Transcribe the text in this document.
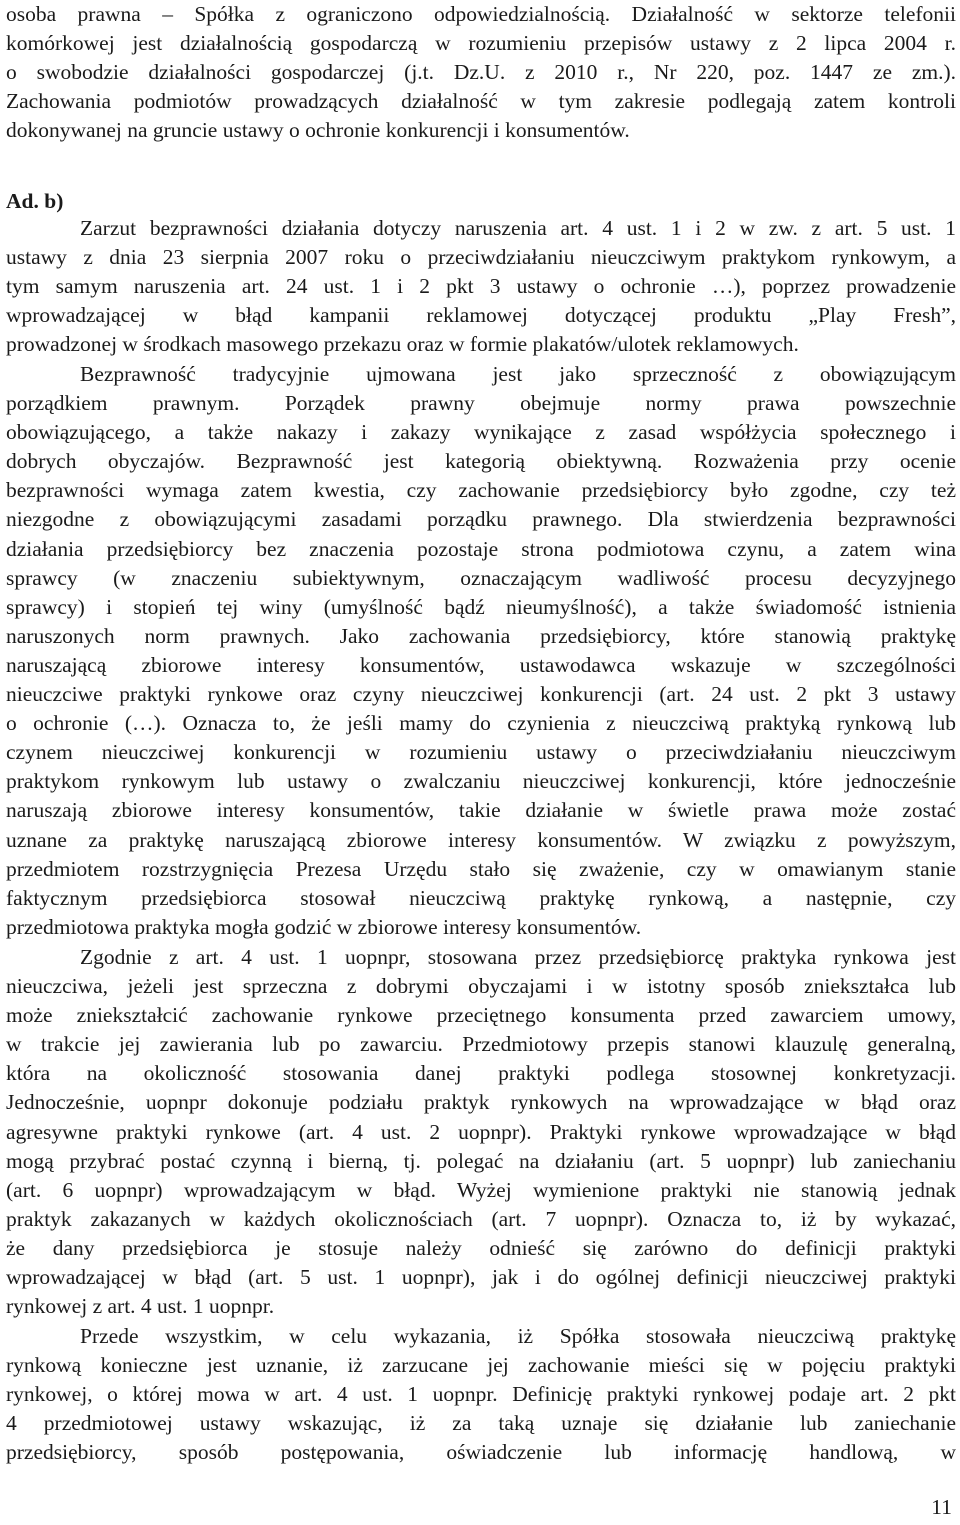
osoba prawna – Spółka z ograniczono odpowiedzialnością. Działalność w sektorze telefonii
komórkowej jest działalnością gospodarczą w rozumieniu przepisów ustawy z 2 lipca 2004 r.
o swobodzie działalności gospodarczej (j.t. Dz.U. z 2010 r., Nr 220, poz. 1447 ze zm.).
Zachowania podmiotów prowadzących działalność w tym zakresie podlegają zatem kontroli
dokonywanej na gruncie ustawy o ochronie konkurencji i konsumentów.
Ad. b)
Zarzut bezprawności działania dotyczy naruszenia art. 4 ust. 1 i 2 w zw. z art. 5 ust. 1
ustawy z dnia 23 sierpnia 2007 roku o przeciwdziałaniu nieuczciwym praktykom rynkowym, a
tym samym naruszenia art. 24 ust. 1 i 2 pkt 3 ustawy o ochronie …), poprzez prowadzenie
wprowadzającej w błąd kampanii reklamowej dotyczącej produktu „Play Fresh”,
prowadzonej w środkach masowego przekazu oraz w formie plakatów/ulotek reklamowych.
Bezprawność tradycyjnie ujmowana jest jako sprzeczność z obowiązującym
porządkiem prawnym. Porządek prawny obejmuje normy prawa powszechnie
obowiązującego, a także nakazy i zakazy wynikające z zasad współżycia społecznego i
dobrych obyczajów. Bezprawność jest kategorią obiektywną. Rozważenia przy ocenie
bezprawności wymaga zatem kwestia, czy zachowanie przedsiębiorcy było zgodne, czy też
niezgodne z obowiązującymi zasadami porządku prawnego. Dla stwierdzenia bezprawności
działania przedsiębiorcy bez znaczenia pozostaje strona podmiotowa czynu, a zatem wina
sprawcy (w znaczeniu subiektywnym, oznaczającym wadliwość procesu decyzyjnego
sprawcy) i stopień tej winy (umyślność bądź nieumyślność), a także świadomość istnienia
naruszonych norm prawnych. Jako zachowania przedsiębiorcy, które stanowią praktykę
naruszającą zbiorowe interesy konsumentów, ustawodawca wskazuje w szczególności
nieuczciwe praktyki rynkowe oraz czyny nieuczciwej konkurencji (art. 24 ust. 2 pkt 3 ustawy
o ochronie (…). Oznacza to, że jeśli mamy do czynienia z nieuczciwą praktyką rynkową lub
czynem nieuczciwej konkurencji w rozumieniu ustawy o przeciwdziałaniu nieuczciwym
praktykom rynkowym lub ustawy o zwalczaniu nieuczciwej konkurencji, które jednocześnie
naruszają zbiorowe interesy konsumentów, takie działanie w świetle prawa może zostać
uznane za praktykę naruszającą zbiorowe interesy konsumentów. W związku z powyższym,
przedmiotem rozstrzygnięcia Prezesa Urzędu stało się zważenie, czy w omawianym stanie
faktycznym przedsiębiorca stosował nieuczciwą praktykę rynkową, a następnie, czy
przedmiotowa praktyka mogła godzić w zbiorowe interesy konsumentów.
Zgodnie z art. 4 ust. 1 uopnpr, stosowana przez przedsiębiorcę praktyka rynkowa jest
nieuczciwa, jeżeli jest sprzeczna z dobrymi obyczajami i w istotny sposób zniekształca lub
może zniekształcić zachowanie rynkowe przeciętnego konsumenta przed zawarciem umowy,
w trakcie jej zawierania lub po zawarciu. Przedmiotowy przepis stanowi klauzulę generalną,
która na okoliczność stosowania danej praktyki podlega stosownej konkretyzacji.
Jednocześnie, uopnpr dokonuje podziału praktyk rynkowych na wprowadzające w błąd oraz
agresywne praktyki rynkowe (art. 4 ust. 2 uopnpr). Praktyki rynkowe wprowadzające w błąd
mogą przybrać postać czynną i bierną, tj. polegać na działaniu (art. 5 uopnpr) lub zaniechaniu
(art. 6 uopnpr) wprowadzającym w błąd. Wyżej wymienione praktyki nie stanowią jednak
praktyk zakazanych w każdych okolicznościach (art. 7 uopnpr). Oznacza to, iż by wykazać,
że dany przedsiębiorca je stosuje należy odnieść się zarówno do definicji praktyki
wprowadzającej w błąd (art. 5 ust. 1 uopnpr), jak i do ogólnej definicji nieuczciwej praktyki
rynkowej z art. 4 ust. 1 uopnpr.
Przede wszystkim, w celu wykazania, iż Spółka stosowała nieuczciwą praktykę
rynkową konieczne jest uznanie, iż zarzucane jej zachowanie mieści się w pojęciu praktyki
rynkowej, o której mowa w art. 4 ust. 1 uopnpr. Definicję praktyki rynkowej podaje art. 2 pkt
4 przedmiotowej ustawy wskazując, iż za taką uznaje się działanie lub zaniechanie
przedsiębiorcy, sposób postępowania, oświadczenie lub informację handlową, w
11
